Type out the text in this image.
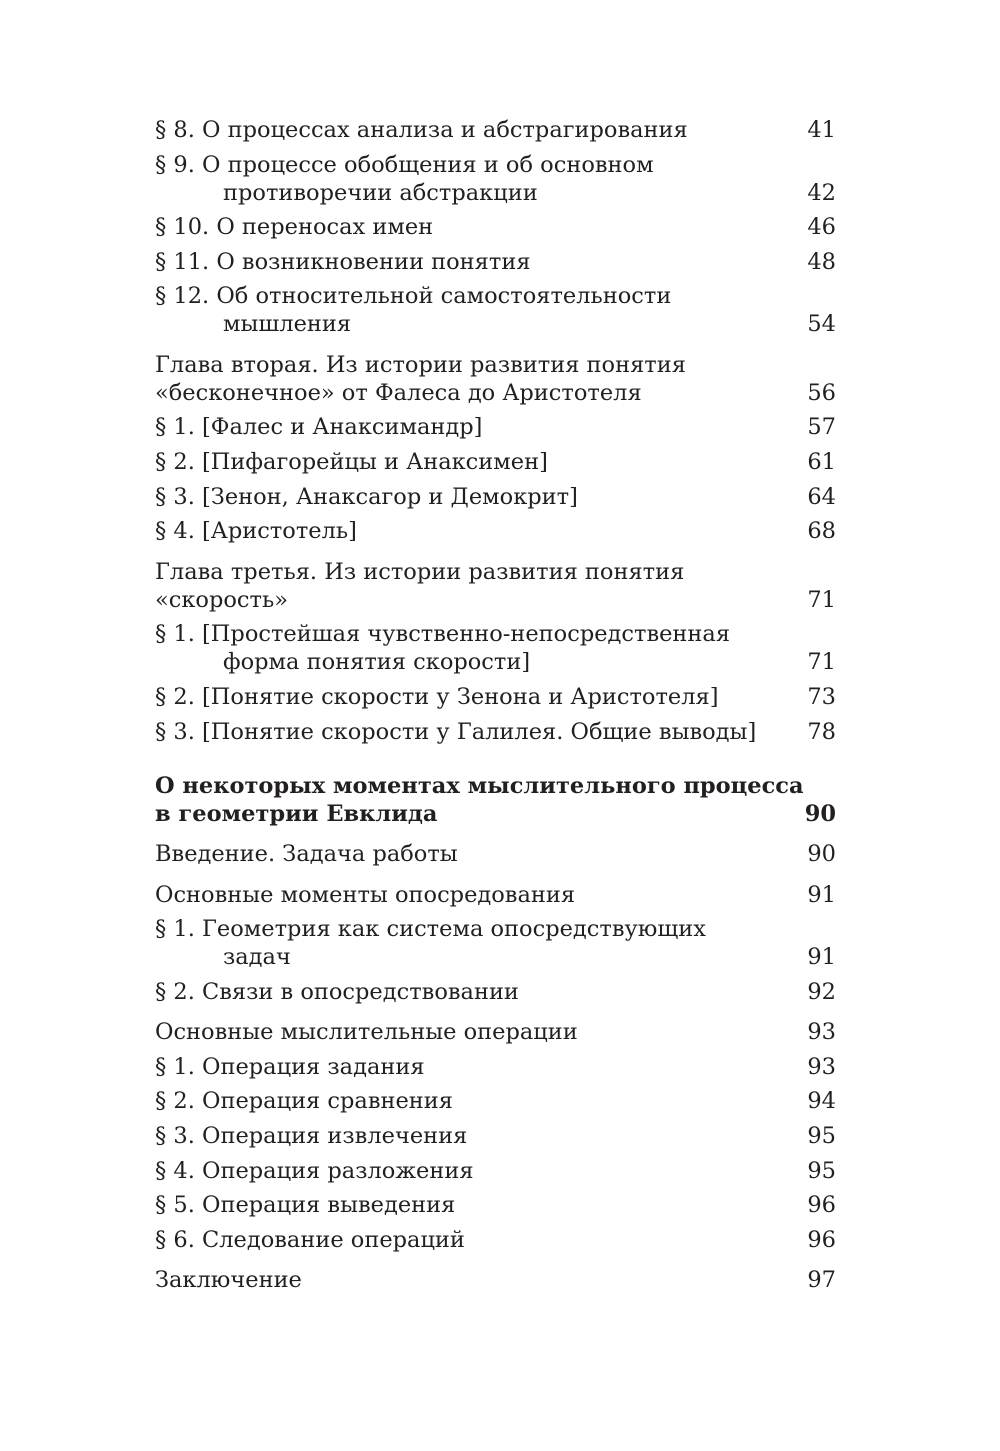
§ 8. О процессах анализа и абстрагирования	41
§ 9. О процессе обобщения и об основном
противоречии абстракции	42
§ 10. О переносах имен	46
§ 11. О возникновении понятия	48
§ 12. Об относительной самостоятельности
мышления	54
Глава вторая. Из истории развития понятия
«бесконечное» от Фалеса до Аристотеля	56
§ 1. [Фалес и Анаксимандр]	57
§ 2. [Пифагорейцы и Анаксимен]	61
§ 3. [Зенон, Анаксагор и Демокрит]	64
§ 4. [Аристотель]	68
Глава третья. Из истории развития понятия
«скорость»	71
§ 1. [Простейшая чувственно-непосредственная
форма понятия скорости]	71
§ 2. [Понятие скорости у Зенона и Аристотеля]	73
§ 3. [Понятие скорости у Галилея. Общие выводы] 78
О некоторых моментах мыслительного процесса
в геометрии Евклида	90
Введение. Задача работы	90
Основные моменты опосредования	91
§ 1. Геометрия как система опосредствующих
задач	91
§ 2. Связи в опосредствовании	92
Основные мыслительные операции	93
§ 1. Операция задания	93
§ 2. Операция сравнения	94
§ 3. Операция извлечения	95
§ 4. Операция разложения	95
§ 5. Операция выведения	96
§ 6. Следование операций	96
Заключение	97
